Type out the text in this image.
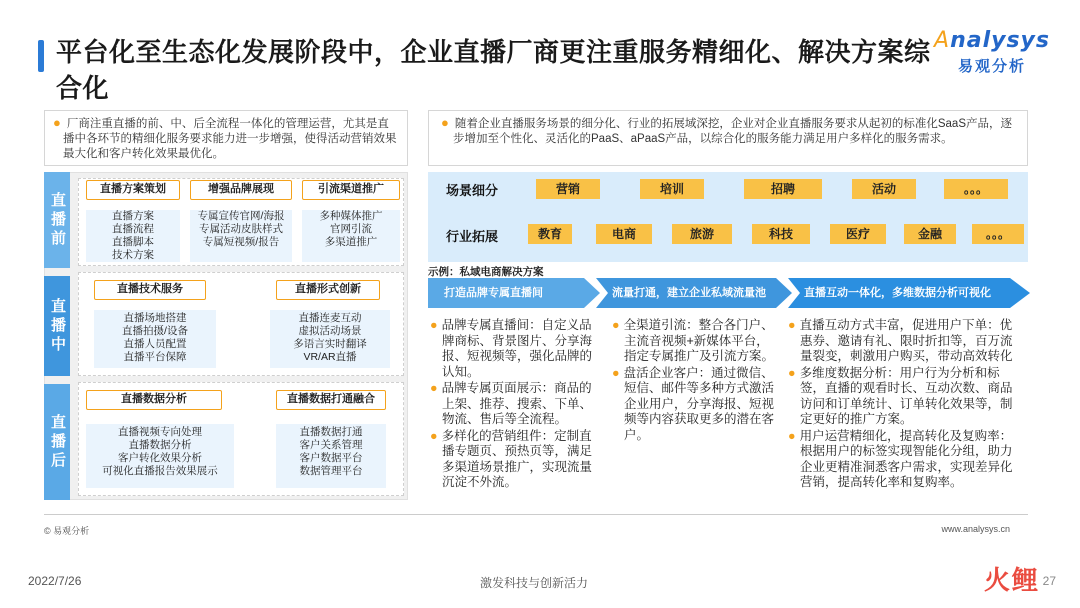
平台化至生态化发展阶段中，企业直播厂商更注重服务精细化、解决方案综合化
Analysys
易观分析
● 厂商注重直播的前、中、后全流程一体化的管理运营，尤其是直播中各环节的精细化服务要求能力进一步增强，使得活动营销效果最大化和客户转化效果最优化。
● 随着企业直播服务场景的细分化、行业的拓展域深挖，企业对企业直播服务要求从起初的标准化SaaS产品，逐步增加至个性化、灵活化的PaaS、aPaaS产品，以综合化的服务能力满足用户多样化的服务需求。
直播前
直播中
直播后
直播方案策划	增强品牌展现	引流渠道推广
直播方案
直播流程
直播脚本
技术方案
专属宣传官网/海报
专属活动皮肤样式
专属短视频/报告
多种媒体推广
官网引流
多渠道推广
直播技术服务	直播形式创新
直播场地搭建
直播拍摄/设备
直播人员配置
直播平台保障
直播连麦互动
虚拟活动场景
多语言实时翻译
VR/AR直播
直播数据分析	直播数据打通融合
直播视频专向处理
直播数据分析
客户转化效果分析
可视化直播报告效果展示
直播数据打通
客户关系管理
客户数据平台
数据管理平台
场景细分	营销	培训	招聘	活动	。。。
行业拓展	教育	电商	旅游	科技	医疗	金融	。。。
示例：私域电商解决方案
打造品牌专属直播间	流量打通，建立企业私域流量池	直播互动一体化，多维数据分析可视化

● 品牌专属直播间：自定义品牌商标、背景图片、分享海报、短视频等，强化品牌的认知。

● 品牌专属页面展示：商品的上架、推荐、搜索、下单、物流、售后等全流程。

● 多样化的营销组件：定制直播专题页、预热页等，满足多渠道场景推广，实现流量沉淀不外流。

● 全渠道引流：整合各门户、主流音视频+新媒体平台，指定专属推广及引流方案。

● 盘活企业客户：通过微信、短信、邮件等多种方式激活企业用户，分享海报、短视频等内容获取更多的潜在客户。

● 直播互动方式丰富，促进用户下单：优惠券、邀请有礼、限时折扣等，百万流量裂变，刺激用户购买，带动高效转化

● 多维度数据分析：用户行为分析和标签，直播的观看时长、互动次数、商品访问和订单统计、订单转化效果等，制定更好的推广方案。

● 用户运营精细化，提高转化及复购率：根据用户的标签实现智能化分组，助力企业更精准洞悉客户需求，实现差异化营销，提高转化率和复购率。

© 易观分析	www.analysys.cn
2022/7/26	激发科技与创新活力	火鲤 27
